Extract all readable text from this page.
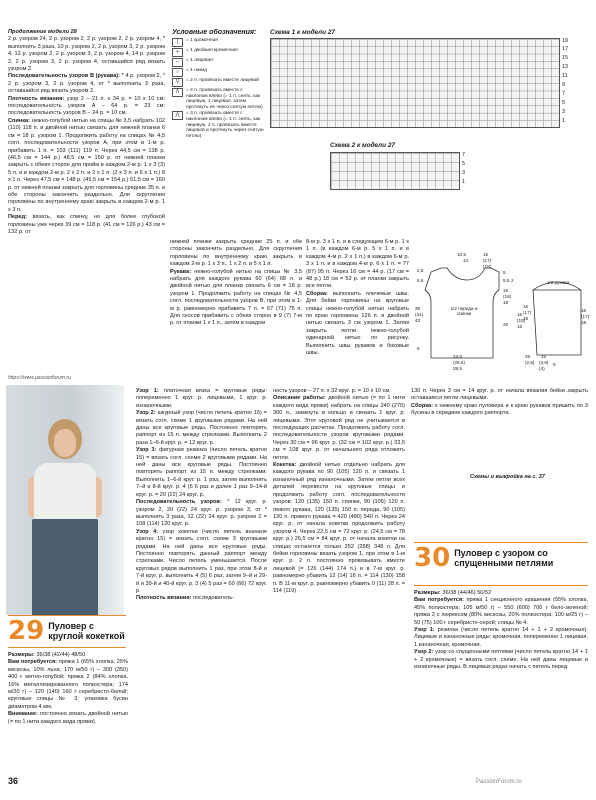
Продолжение модели 28

2 р. узором 24, 2 р. узором 2, 2 р. узором 2, 2 р. узором 4, * выполнить 3 раза, 10 р. узором 2, 2 р. узором 3, 2 р. узором 4, 12 р. узором 2, 2 р. узором 3, 2 р. узором 4, 14 р. узором 2, 2 р. узором 3, 2 р. узором 4, оставшийся ряд вязать узором 2.

Последовательность узоров В (рукава): * 4 р. узором 2, * 2 р. узором 3, 2 р. узором 4, от * выполнить 3 раза, оставшийся ряд вязать узором 2.

Плотность вязания: узор 2 – 21 п. х 34 р. = 10 х 10 см; последовательность узоров А – 64 р. = 23 см; последовательность узоров В – 24 р. = 10 см.

Спинка: нежно-голубой нитью на спицы № 3,5 набрать 102 (110) 118 п. и двойной нитью связать для нижней планки 6 см = 18 р. узором 1. Продолжить работу на спицах № 4,5 согл. последовательности узоров А, при этом в 1-м р. прибавить 1 п. = 103 (111) 119 п. Через 44,5 см = 138 р. (46,5 см = 144 р.) 48,5 см = 150 р. от нижней планки закрыть с обеих сторон для пройм в каждом 2-м р. 1 х 3 (3) 5 п. и в каждом 2-м р. 2 х 2 п. и 2 х 1 п. (2 х 3 п. и 6 х 1 п.) 8 х 1 п. Через 47,5 см = 148 р. (49,5 см = 154 р.) 51,5 см = 160 р. от нижней планки закрыть для горловины средние 35 п. и обе стороны закончить раздельно. Для скругления горловины по внутреннему краю закрыть в каждом 2-м р. 1 х 3 п.

Перед: вязать, как спинку, но для более глубокой горловины уже через 39 см = 118 р. (41 см = 126 р.) 43 см = 132 р. от

Условные обозначения:
|	= 1 кромочная
+	= 1 двойная кромочная
–	= 1 лицевая
○	= 1 накид
V	= 2 п. провязать вместе лицевой
Λ	= 2 п. провязать вместе с наклоном влево (= 1 п. снять, как лицевую, 1 лицевая, затем протянуть ее через снятую петлю)
⋀	= 3 п. провязать вместе с наклоном влево (= 1 п. снять, как лицевую, 2 п. провязать вместе лицевой и протянуть через снятую петлю)
Схема 1 к модели 27
19
17
15
13
11
9
7
5
3
1
Схема 2 к модели 27
7
5
3
1

нижней планки закрыть средние 25 п. и обе стороны закончить раздельно. Для скругления горловины по внутреннему краю закрыть в каждом 2-м р. 1 х 3 п., 1 х 2 п. и 5 х 1 п.

Рукава: нежно-голубой нитью на спицы № 3,5 набрать для каждого рукава 60 (64) 68 п. и двойной нитью для планки связать 6 см = 18 р. узором 1. Продолжить работу на спицах № 4,5 согл. последовательности узоров В, при этом в 1-м р. равномерно прибавить 7 п. = 67 (71) 75 п. Для скосов прибавить с обеих сторон в 9 (7) 7-м р. от планки 1 х 1 п., затем в каждом

8-м р. 3 х 1 п. и в следующем 6-м р. 1 х 1 п. (в каждом 6-м р. 5 х 1 п. и в каждом 4-м р. 2 х 1 п.) в каждом 6-м р. 3 х 1 п. и в каждом 4-м р. 6 х 1 п. = 77 (87) 95 п. Через 16 см = 44 р. (17 см = 48 р.) 18 см = 52 р. от планки закрыть все петли.

Сборка: выполнить плечевые швы. Для бейки горловины на круговые спицы нежно-голубой нитью набрать по краю горловины 126 п. и двойной нитью связать 3 см узором 1. Затем закрыть петли нежно-голубой одинарной нитью по рисунку. Выполнить швы рукавов и боковые швы.

1/2 переда и спинки
1/2 рукава
10,5
14
16
(17)
(18)
2,5
6,5
5
5,5 2
18
(18)
18
39
(41)
43
26
15
(15)
16
24,5
(26,5)
28,5
6
16
(17)
18
16
(17)
18
5
15
(3,5)
(4)
25
(2,5)
https://www.passionforum.ru
29 Пуловер с круглой кокеткой

Размеры: 36/38 (42/44) 48/50

Вам потребуется: пряжа 1 (65% хлопка, 25% вискозы, 10% льна; 170 м/50 г) – 300 (350) 400 г мятно-голубой; пряжа 2 (84% хлопка, 16% металлизированного полиэстера; 174 м/20 г) – 120 (140) 160 г серебристо-белой; круговые спицы № 3; упаковка бусин диаметром 4 мм.

Внимание: постоянно вязать двойной нитью (= по 1 нити каждого вида пряжи).

Узор 1: платочная вязка = круговые ряды: попеременно 1 круг. р. лицевыми, 1 круг. р. изнаночными.

Узор 2: ажурный узор (число петель кратно 15) = вязать согл. схеме 1 круговыми рядами. На ней даны все круговые ряды. Постоянно повторять раппорт из 15 п. между стрелками. Выполнить 2 раза 1–6-й круг. р. = 12 круг. р.

Узор 3: фигурная резинка (число петель кратно 15) = вязать согл. схеме 2 круговыми рядами. На ней даны все круговые ряды. Постоянно повторять раппорт из 15 п. между стрелками. Выполнить 1–6-й круг. р. 1 раз, затем выполнить 7–й и 8-й круг. р. 4 (5 6 раз и далее 1 раз 9–14-й круг. р. = 20 (22) 24 круг. р.

Последовательность узоров: * 12 круг. р. узором 2, 20 (22) 24 круг. р. узором 3, от * выполнить 3 раза, 12 (22) 24 круг. р. узором 2 = 108 (114) 120 круг. р.

Узор 4: узор кокетки (число петель вначале кратно 15) = вязать согл. схеме 3 круговыми рядами. На ней даны все круговые ряды. Постоянно повторять данный раппорт между стрелками. Число петель уменьшается. После круговых рядов выполнить 1 раз, при этом 8-й и 7-й круг. р. выполнить 4 (5) 6 раз, затем 9–й и 29-й и 39-й и 40-й круг. р. 3 (4) 5 раз = 60 (66) 72 круг. р.

Плотность вязания: последователь-

ность узоров – 27 п. х 32 круг. р. = 10 х 10 см.

Описание работы: двойной нитью (= по 1 нити каждого вида пряжи) набрать на спицы 240 (270) 300 п., замкнуть в кольцо и связать 1 круг. р. лицевыми. Этот круговой ряд не учитывается в последующих расчетах. Продолжить работу согл. последовательности узоров круговыми рядами. Через 30 см = 96 круг. р. (32 см = 102 круг. р.) 33,5 см = 108 круг. р. от начального ряда отложить петли.

Кокетка: двойной нитью отдельно набрать для каждого рукава по 90 (105) 120 п. и связать 1 изнаночный ряд изнаночными. Затем петли всех деталей перевести на круговые спицы и продолжить работу согл. последовательности узоров: 120 (135) 150 п. спинки, 90 (105) 120 п. левого рукава, 120 (135) 150 п. переда, 90 (105) 120 п. правого рукава = 420 (480) 540 п. Через 24 круг. р. от начала кокетки продолжить работу узором 4. Через 22,5 см = 72 круг. р. (24,5 см = 78 круг. р.) 26,5 см = 84 круг. р. от начала кокетки на спицах останется только 252 (288) 348 п. Для бейки горловины вязать узором 1, при этом в 1-м круг. р. 2 п. постоянно провязывать вместе лицевой (= 126 (144) 174 п.) и в 7-м круг. р. равномерно убавить 12 (14) 16 п. = 114 (130) 158 п. В 11-м круг. р. равномерно убавить 0 (11) 28 п. = 114 (119)

130 п. Через 3 см = 14 круг. р. от начала вязания бейки закрыть оставшиеся петли лицевыми.

Сборка: к нижнему краю пуловера и к краю рукавов пришить по 3 бусины в середине каждого раппорта.

Схемы и выкройка на с. 37
30 Пуловер с узором со спущенными петлями

Размеры: 36/38 (44/46) 50/52

Вам потребуется: пряжа 1 секционного крашения (55% хлопка, 45% полиэстера; 105 м/50 г) – 550 (600) 700 г бело-зеленой; пряжа 2 с люрексом (80% вискозы, 20% полиэстера; 100 м/25 г) – 50 (75) 100 г серебристо-серой; спицы № 4.

Узор 1: резинка (число петель кратно 14 + 1 + 2 кромочные). Лицевые и изнаночные ряды: кромочная, попеременно 1 лицевая, 1 изнаночная, кромочная.

Узор 2: узор со спущенными петлями (число петель кратно 14 + 1 + 2 кромочные) = вязать согл. схеме. На ней даны лицевые и изнаночные ряды. В лицевых рядах начать с петель перед

36	PassionForum.ru
